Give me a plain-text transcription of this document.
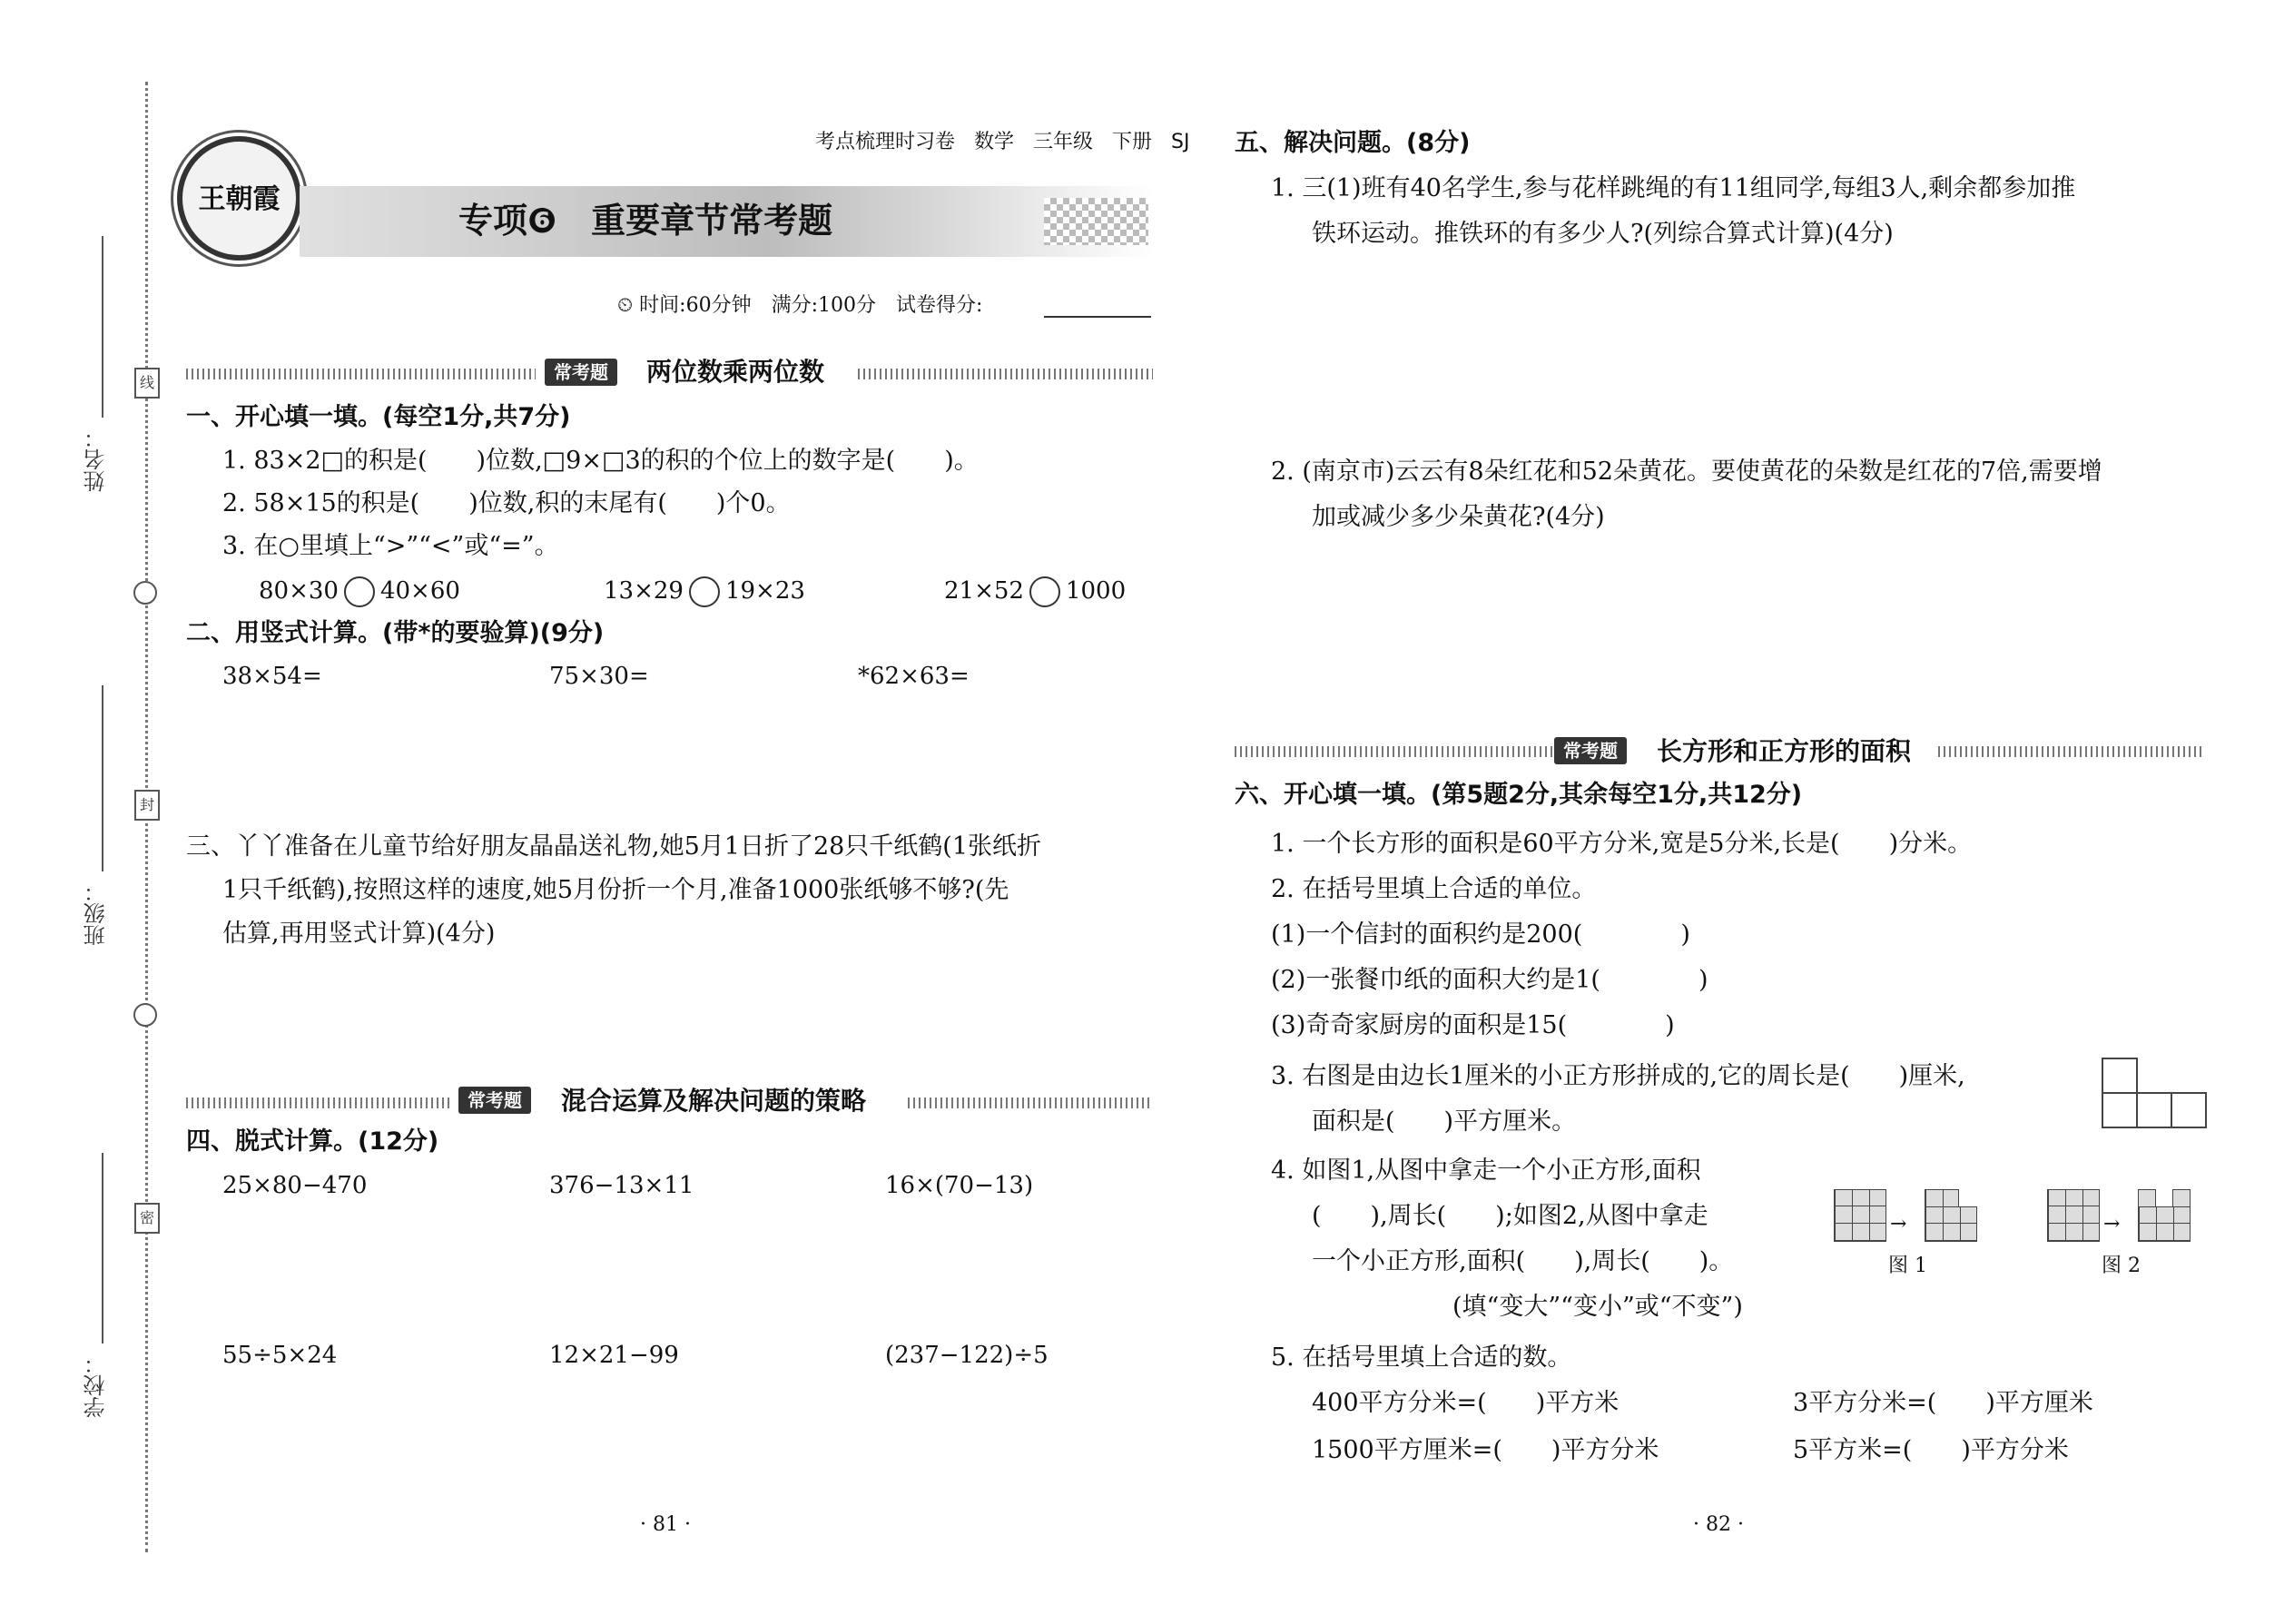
姓名：
班级：
学校：
线
封
密
王朝霞
专项❻　重要章节常考题
考点梳理时习卷 数学 三年级 下册 SJ
⏲ 时间:60分钟　满分:100分　试卷得分:
常考题	两位数乘两位数
一、开心填一填。(每空1分,共7分)
1. 83×2□的积是(　　)位数,□9×□3的积的个位上的数字是(　　)。
2. 58×15的积是(　　)位数,积的末尾有(　　)个0。
3. 在○里填上“>”“<”或“=”。
80×30 40×60	13×29 19×23	21×52 1000
二、用竖式计算。(带*的要验算)(9分)
38×54=	75×30=	*62×63=
三、丫丫准备在儿童节给好朋友晶晶送礼物,她5月1日折了28只千纸鹤(1张纸折
1只千纸鹤),按照这样的速度,她5月份折一个月,准备1000张纸够不够?(先
估算,再用竖式计算)(4分)
常考题	混合运算及解决问题的策略
四、脱式计算。(12分)
25×80−470	376−13×11	16×(70−13)
55÷5×24	12×21−99	(237−122)÷5
· 81 ·
五、解决问题。(8分)
1. 三(1)班有40名学生,参与花样跳绳的有11组同学,每组3人,剩余都参加推
铁环运动。推铁环的有多少人?(列综合算式计算)(4分)
2. (南京市)云云有8朵红花和52朵黄花。要使黄花的朵数是红花的7倍,需要增
加或减少多少朵黄花?(4分)
常考题	长方形和正方形的面积
六、开心填一填。(第5题2分,其余每空1分,共12分)
1. 一个长方形的面积是60平方分米,宽是5分米,长是(　　)分米。
2. 在括号里填上合适的单位。
(1)一个信封的面积约是200(　　　　)
(2)一张餐巾纸的面积大约是1(　　　　)
(3)奇奇家厨房的面积是15(　　　　)
3. 右图是由边长1厘米的小正方形拼成的,它的周长是(　　)厘米,
面积是(　　)平方厘米。
4. 如图1,从图中拿走一个小正方形,面积
(　　),周长(　　);如图2,从图中拿走
一个小正方形,面积(　　),周长(　　)。
(填“变大”“变小”或“不变”)
→
图 1
→
图 2
5. 在括号里填上合适的数。
400平方分米=(　　)平方米	3平方分米=(　　)平方厘米
1500平方厘米=(　　)平方分米	5平方米=(　　)平方分米
· 82 ·
